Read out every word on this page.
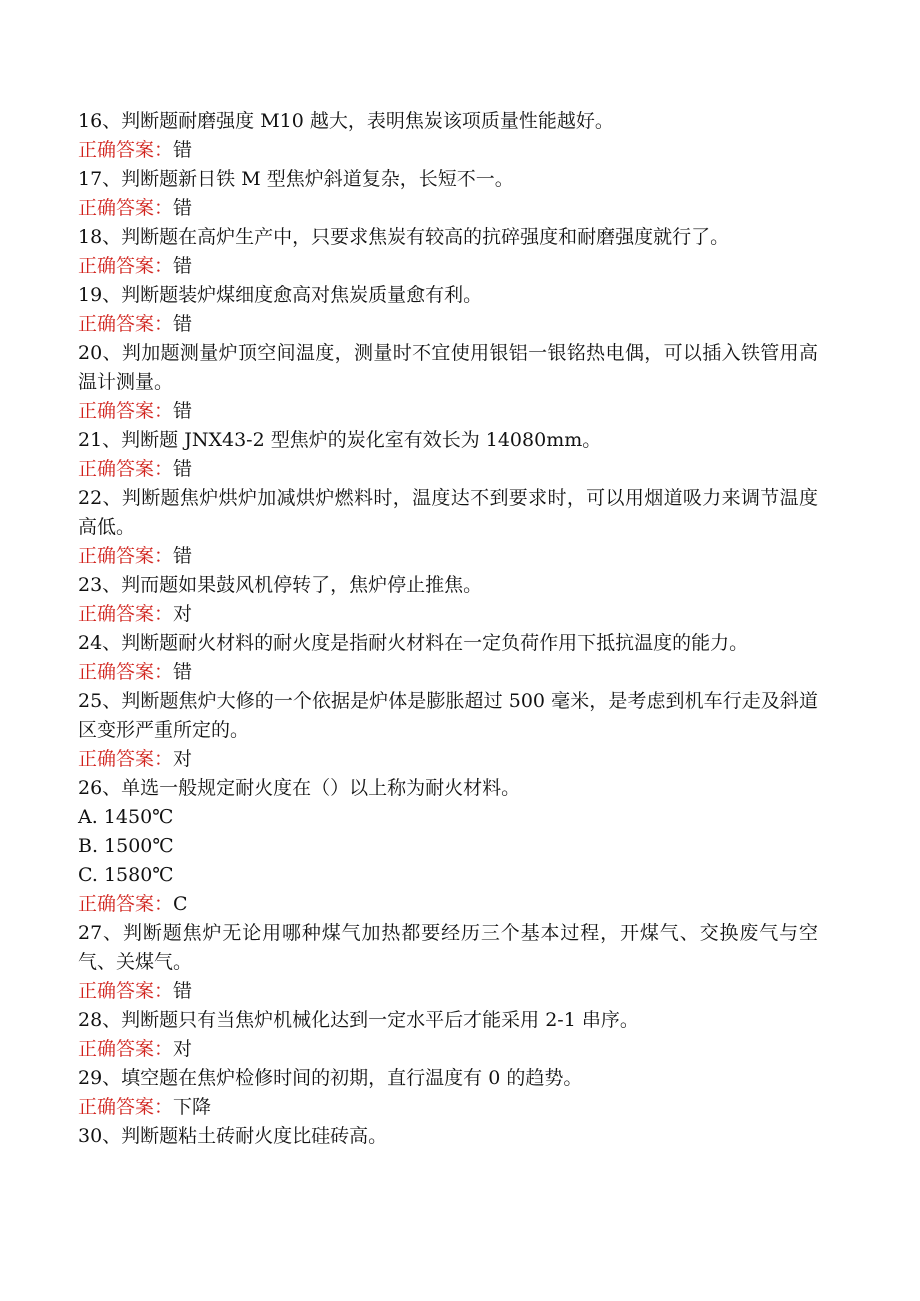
16、判断题耐磨强度 M10 越大，表明焦炭该项质量性能越好。

正确答案：错

17、判断题新日铁 M 型焦炉斜道复杂，长短不一。

正确答案：错

18、判断题在高炉生产中，只要求焦炭有较高的抗碎强度和耐磨强度就行了。

正确答案：错

19、判断题装炉煤细度愈高对焦炭质量愈有利。

正确答案：错

20、判加题测量炉顶空间温度，测量时不宜使用银铝一银铭热电偶，可以插入铁管用高温计测量。

正确答案：错

21、判断题 JNX43-2 型焦炉的炭化室有效长为 14080mm。

正确答案：错

22、判断题焦炉烘炉加减烘炉燃料时，温度达不到要求时，可以用烟道吸力来调节温度高低。

正确答案：错

23、判而题如果鼓风机停转了，焦炉停止推焦。

正确答案：对

24、判断题耐火材料的耐火度是指耐火材料在一定负荷作用下抵抗温度的能力。

正确答案：错

25、判断题焦炉大修的一个依据是炉体是膨胀超过 500 毫米，是考虑到机车行走及斜道区变形严重所定的。

正确答案：对

26、单选一般规定耐火度在（）以上称为耐火材料。

A. 1450℃

B. 1500℃

C. 1580℃

正确答案：C

27、判断题焦炉无论用哪种煤气加热都要经历三个基本过程，开煤气、交换废气与空气、关煤气。

正确答案：错

28、判断题只有当焦炉机械化达到一定水平后才能采用 2-1 串序。

正确答案：对

29、填空题在焦炉检修时间的初期，直行温度有 0 的趋势。

正确答案：下降

30、判断题粘土砖耐火度比硅砖高。
